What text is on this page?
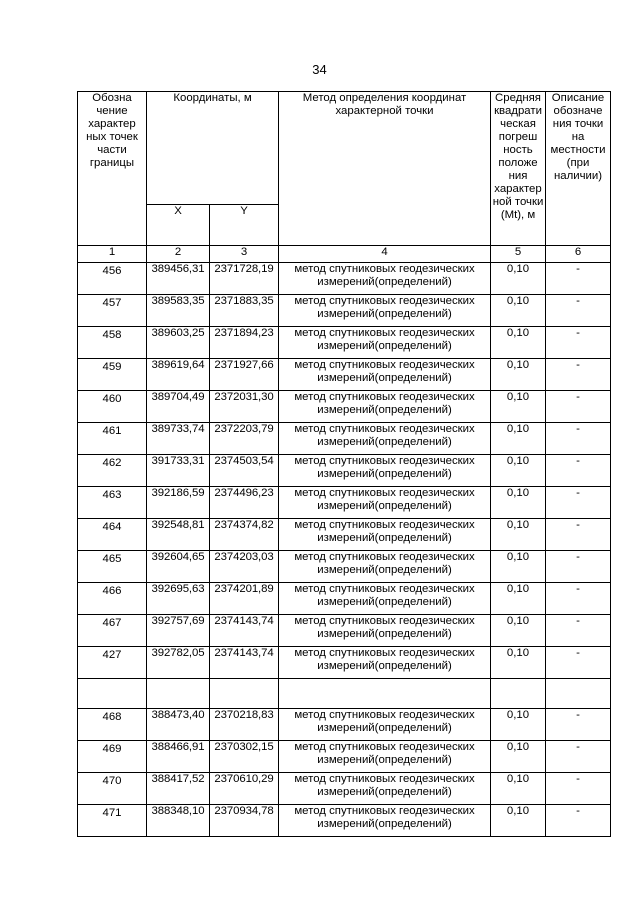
34
Обозна чение характер ных точек части границы	Координаты, м		Метод определения координат характерной точки	Средняя квадрати ческая погреш ность положе ния характер ной точки (Mt), м	Описание обозначе ния точки на местности (при наличии)
	X	Y			
1	2	3	4	5	6
456	389456,31	2371728,19	метод спутниковых геодезических измерений(определений)	0,10	-
457	389583,35	2371883,35	метод спутниковых геодезических измерений(определений)	0,10	-
458	389603,25	2371894,23	метод спутниковых геодезических измерений(определений)	0,10	-
459	389619,64	2371927,66	метод спутниковых геодезических измерений(определений)	0,10	-
460	389704,49	2372031,30	метод спутниковых геодезических измерений(определений)	0,10	-
461	389733,74	2372203,79	метод спутниковых геодезических измерений(определений)	0,10	-
462	391733,31	2374503,54	метод спутниковых геодезических измерений(определений)	0,10	-
463	392186,59	2374496,23	метод спутниковых геодезических измерений(определений)	0,10	-
464	392548,81	2374374,82	метод спутниковых геодезических измерений(определений)	0,10	-
465	392604,65	2374203,03	метод спутниковых геодезических измерений(определений)	0,10	-
466	392695,63	2374201,89	метод спутниковых геодезических измерений(определений)	0,10	-
467	392757,69	2374143,74	метод спутниковых геодезических измерений(определений)	0,10	-
427	392782,05	2374143,74	метод спутниковых геодезических измерений(определений)	0,10	-

468	388473,40	2370218,83	метод спутниковых геодезических измерений(определений)	0,10	-
469	388466,91	2370302,15	метод спутниковых геодезических измерений(определений)	0,10	-
470	388417,52	2370610,29	метод спутниковых геодезических измерений(определений)	0,10	-
471	388348,10	2370934,78	метод спутниковых геодезических измерений(определений)	0,10	-
